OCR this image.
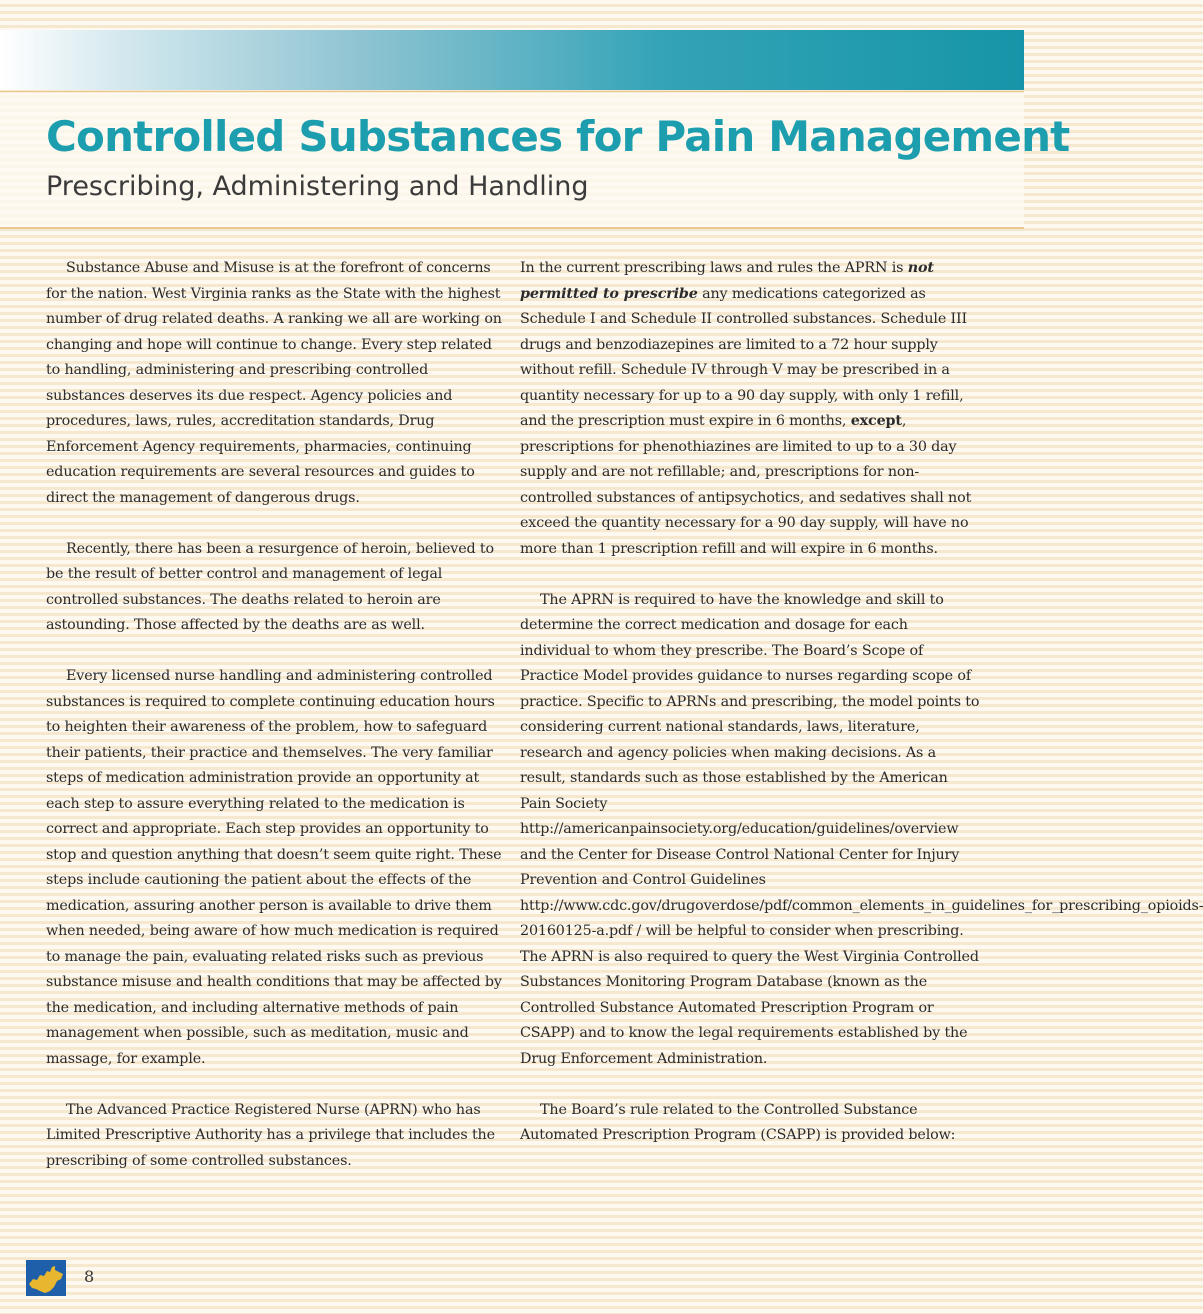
Controlled Substances for Pain Management
Prescribing, Administering and Handling

Substance Abuse and Misuse is at the forefront of concerns for the nation. West Virginia ranks as the State with the highest number of drug related deaths. A ranking we all are working on changing and hope will continue to change. Every step related to handling, administering and prescribing controlled substances deserves its due respect. Agency policies and procedures, laws, rules, accreditation standards, Drug Enforcement Agency requirements, pharmacies, continuing education requirements are several resources and guides to direct the management of dangerous drugs.

Recently, there has been a resurgence of heroin, believed to be the result of better control and management of legal controlled substances. The deaths related to heroin are astounding. Those affected by the deaths are as well.

Every licensed nurse handling and administering controlled substances is required to complete continuing education hours to heighten their awareness of the problem, how to safeguard their patients, their practice and themselves. The very familiar steps of medication administration provide an opportunity at each step to assure everything related to the medication is correct and appropriate. Each step provides an opportunity to stop and question anything that doesn’t seem quite right. These steps include cautioning the patient about the effects of the medication, assuring another person is available to drive them when needed, being aware of how much medication is required to manage the pain, evaluating related risks such as previous substance misuse and health conditions that may be affected by the medication, and including alternative methods of pain management when possible, such as meditation, music and massage, for example.

The Advanced Practice Registered Nurse (APRN) who has Limited Prescriptive Authority has a privilege that includes the prescribing of some controlled substances.

In the current prescribing laws and rules the APRN is not permitted to prescribe any medications categorized as Schedule I and Schedule II controlled substances. Schedule III drugs and benzodiazepines are limited to a 72 hour supply without refill. Schedule IV through V may be prescribed in a quantity necessary for up to a 90 day supply, with only 1 refill, and the prescription must expire in 6 months, except, prescriptions for phenothiazines are limited to up to a 30 day supply and are not refillable; and, prescriptions for non-controlled substances of antipsychotics, and sedatives shall not exceed the quantity necessary for a 90 day supply, will have no more than 1 prescription refill and will expire in 6 months.

The APRN is required to have the knowledge and skill to determine the correct medication and dosage for each individual to whom they prescribe. The Board’s Scope of Practice Model provides guidance to nurses regarding scope of practice. Specific to APRNs and prescribing, the model points to considering current national standards, laws, literature, research and agency policies when making decisions. As a result, standards such as those established by the American Pain Society http://americanpainsociety.org/education/guidelines/overview and the Center for Disease Control National Center for Injury Prevention and Control Guidelines http://www.cdc.gov/drugoverdose/pdf/common_elements_in_guidelines_for_prescribing_opioids-20160125-a.pdf / will be helpful to consider when prescribing. The APRN is also required to query the West Virginia Controlled Substances Monitoring Program Database (known as the Controlled Substance Automated Prescription Program or CSAPP) and to know the legal requirements established by the Drug Enforcement Administration.

The Board’s rule related to the Controlled Substance Automated Prescription Program (CSAPP) is provided below:

8
